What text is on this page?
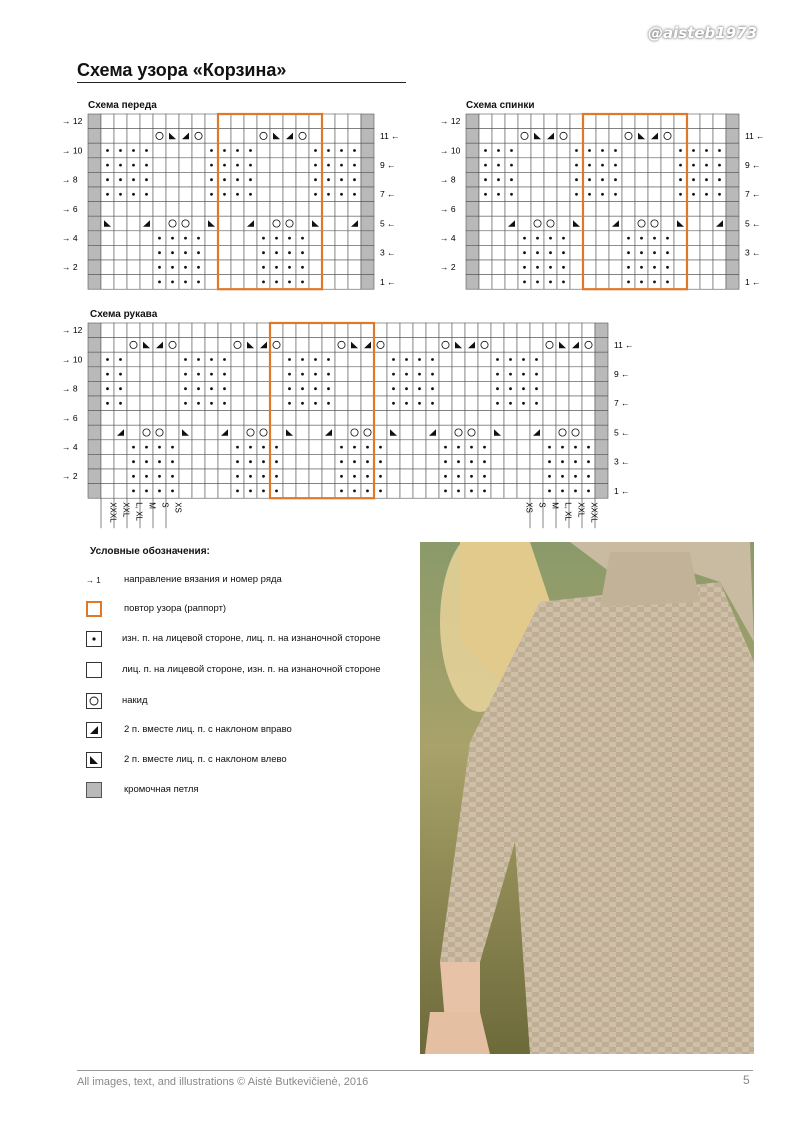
@aisteb1973
Схема узора «Корзина»
Схема переда
→ 12
→ 10
→ 8
→ 6
→ 4
→ 2
11 ←
9 ←
7 ←
5 ←
3 ←
1 ←
Схема спинки
→ 12
→ 10
→ 8
→ 6
→ 4
→ 2
11 ←
9 ←
7 ←
5 ←
3 ←
1 ←
Схема рукава
→ 12
→ 10
→ 8
→ 6
→ 4
→ 2
11 ←
9 ←
7 ←
5 ←
3 ←
1 ←
XXXL XXL L, XL M S XS	XS S M L, XL XXL XXXL
Условные обозначения:
→ 1 направление вязания и номер ряда
повтор узора (раппорт)
изн. п. на лицевой стороне, лиц. п. на изнаночной стороне
лиц. п. на лицевой стороне, изн. п. на изнаночной стороне
накид
2 п. вместе лиц. п. с наклоном вправо
2 п. вместе лиц. п. с наклоном влево
кромочная петля
All images, text, and illustrations © Aistė Butkevičienė, 2016	5
